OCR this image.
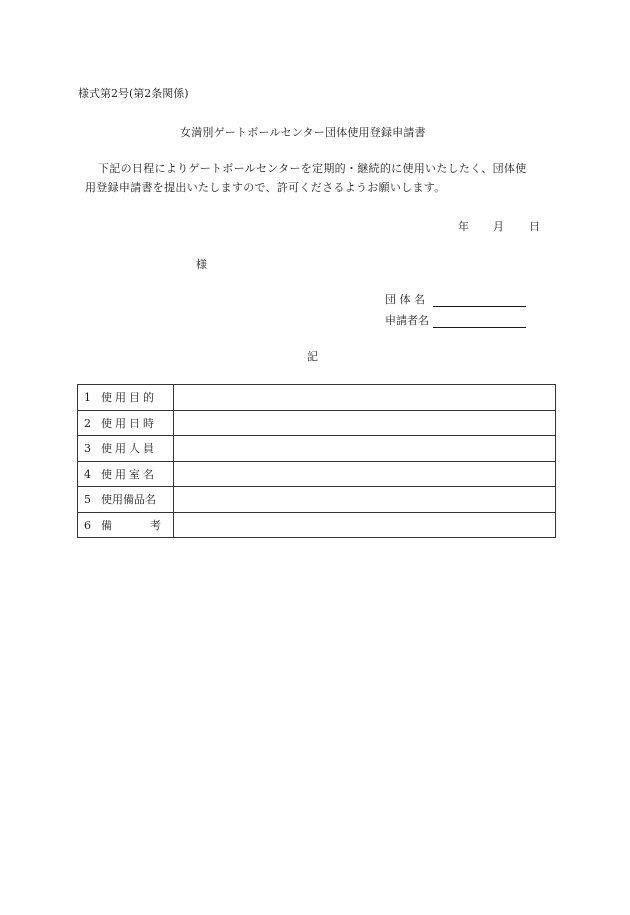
様式第2号(第2条関係)
女満別ゲートボールセンター団体使用登録申請書
下記の日程によりゲートボールセンターを定期的・継続的に使用いたしたく、団体使
用登録申請書を提出いたしますので、許可くださるようお願いします。
年 月 日
様
団 体 名
申請者名
記
1 使用目的	
2 使用日時	
3 使用人員	
4 使用室名	
5 使用備品名	
6 備 考	
